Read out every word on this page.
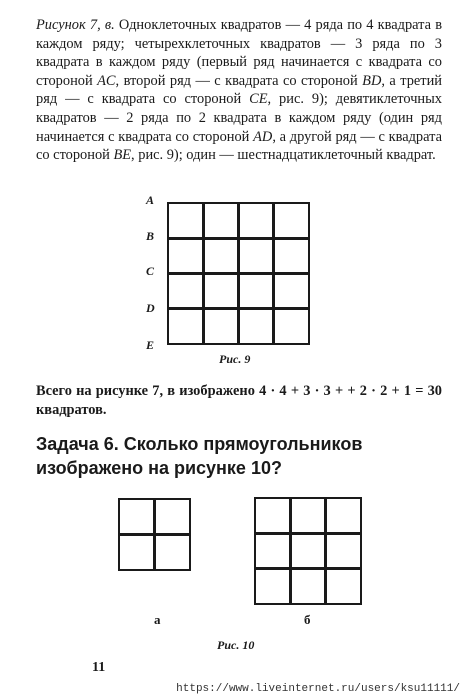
Рисунок 7, в. Одноклеточных квадратов — 4 ряда по 4 квадрата в каждом ряду; четырехклеточных квадратов — 3 ряда по 3 квадрата в каждом ряду (первый ряд начинается с квадрата со стороной AC, второй ряд — с квадрата со стороной BD, а третий ряд — с квадрата со стороной CE, рис. 9); девятиклеточных квадратов — 2 ряда по 2 квадрата в каждом ряду (один ряд начинается с квадрата со стороной AD, а другой ряд — с квадрата со стороной BE, рис. 9); один — шестнадцатиклеточный квадрат.
A
B
C
D
E
Рис. 9
Всего на рисунке 7, в изображено 4 · 4 + 3 · 3 + + 2 · 2 + 1 = 30 квадратов.
Задача 6. Сколько прямоугольников изображено на рисунке 10?
а	б
Рис. 10
11
https://www.liveinternet.ru/users/ksu11111/
